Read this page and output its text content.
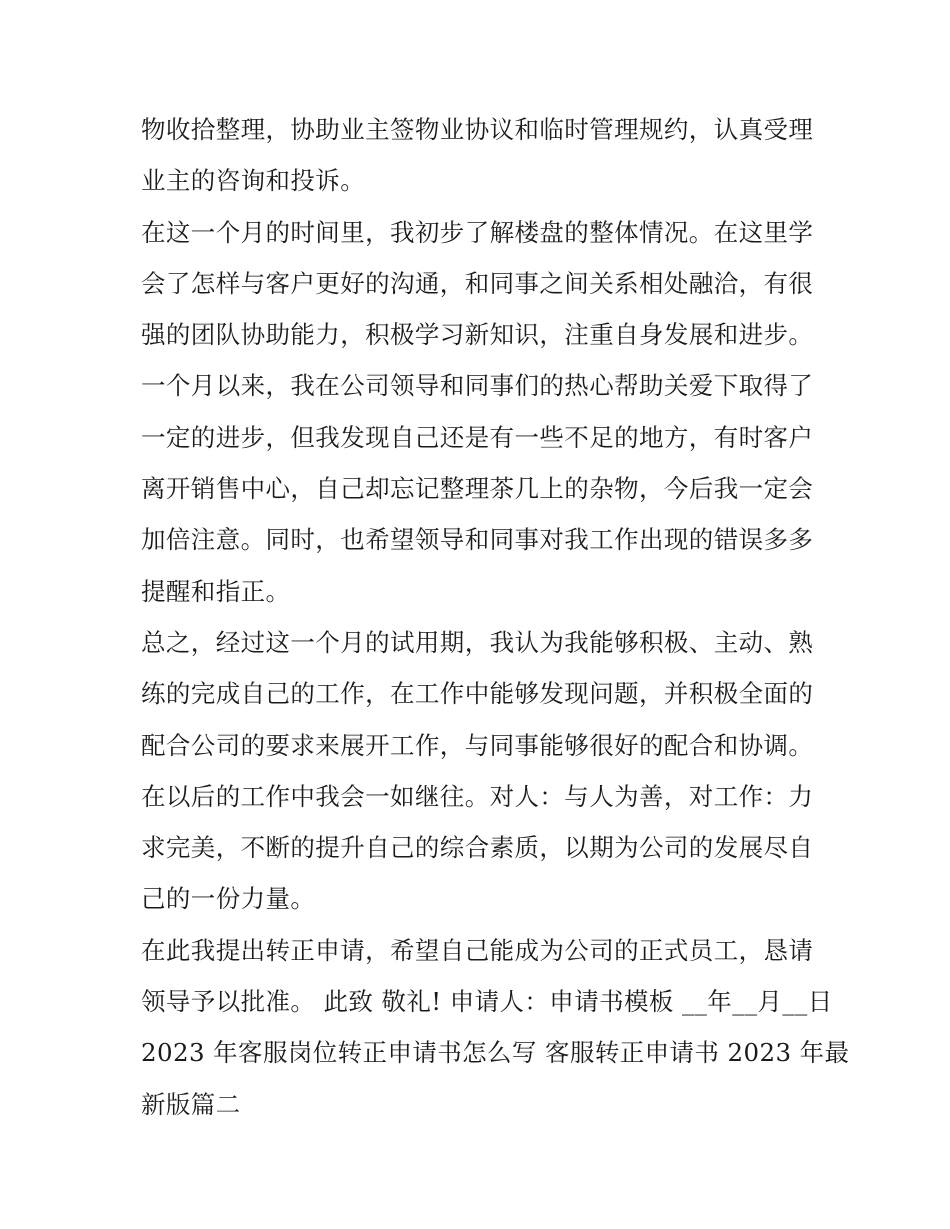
物收拾整理，协助业主签物业协议和临时管理规约，认真受理
业主的咨询和投诉。
在这一个月的时间里，我初步了解楼盘的整体情况。在这里学
会了怎样与客户更好的沟通，和同事之间关系相处融洽，有很
强的团队协助能力，积极学习新知识，注重自身发展和进步。
一个月以来，我在公司领导和同事们的热心帮助关爱下取得了
一定的进步，但我发现自己还是有一些不足的地方，有时客户
离开销售中心，自己却忘记整理茶几上的杂物，今后我一定会
加倍注意。同时，也希望领导和同事对我工作出现的错误多多
提醒和指正。
总之，经过这一个月的试用期，我认为我能够积极、主动、熟
练的完成自己的工作，在工作中能够发现问题，并积极全面的
配合公司的要求来展开工作，与同事能够很好的配合和协调。
在以后的工作中我会一如继往。对人：与人为善，对工作：力
求完美，不断的提升自己的综合素质，以期为公司的发展尽自
己的一份力量。
在此我提出转正申请，希望自己能成为公司的正式员工，恳请
领导予以批准。 此致 敬礼! 申请人：申请书模板 __年__月__日
2023 年客服岗位转正申请书怎么写 客服转正申请书 2023 年最
新版篇二
